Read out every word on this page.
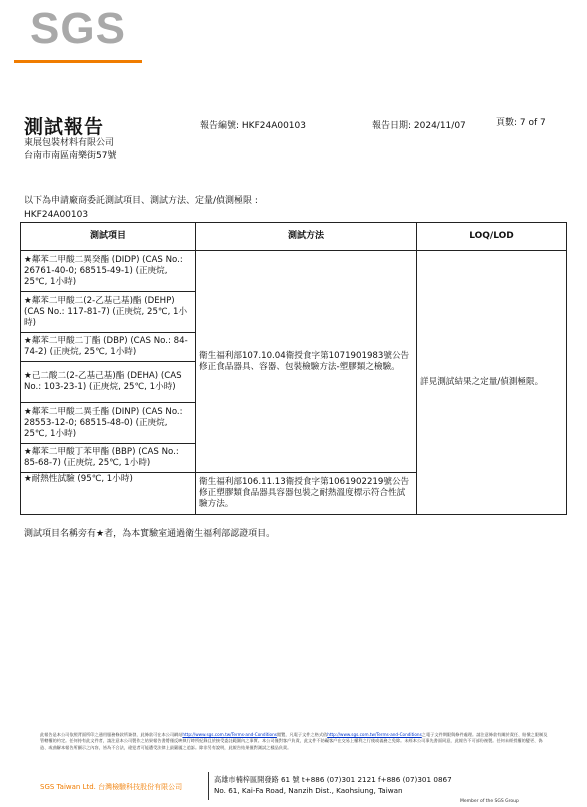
SGS
測試報告
東展包裝材料有限公司
台南市南區南樂街57號
報告編號: HKF24A00103	報告日期: 2024/11/07	頁數: 7 of 7
以下為申請廠商委託測試項目、測試方法、定量/偵測極限 :
HKF24A00103
測試項目	測試方法	LOQ/LOD
★鄰苯二甲酸二異癸酯 (DIDP) (CAS No.: 26761-40-0; 68515-49-1) (正庚烷, 25℃, 1小時)	衛生福利部107.10.04衛授食字第1071901983號公告修正食品器具、容器、包裝檢驗方法-塑膠類之檢驗。	詳見測試結果之定量/偵測極限。
★鄰苯二甲酸二(2-乙基己基)酯 (DEHP) (CAS No.: 117-81-7) (正庚烷, 25℃, 1小時)		
★鄰苯二甲酸二丁酯 (DBP) (CAS No.: 84-74-2) (正庚烷, 25℃, 1小時)		
★己二酸二(2-乙基己基)酯 (DEHA) (CAS No.: 103-23-1) (正庚烷, 25℃, 1小時)		
★鄰苯二甲酸二異壬酯 (DINP) (CAS No.: 28553-12-0; 68515-48-0) (正庚烷, 25℃, 1小時)		
★鄰苯二甲酸丁苯甲酯 (BBP) (CAS No.: 85-68-7) (正庚烷, 25℃, 1小時)		
★耐熱性試驗 (95℃, 1小時)	衛生福利部106.11.13衛授食字第1061902219號公告修正塑膠類食品器具容器包裝之耐熱溫度標示符合性試驗方法。	
測試項目名稱旁有★者，為本實驗室通過衛生福利部認證項目。
此報告是本公司依照背面所印之通用服務條款所簽發，此條款可在本公司網站http://www.sgs.com.tw/Terms-and-Conditions閱覽，凡電子文件之格式依http://www.sgs.com.tw/Terms-and-Conditions之電子文件期限與條件處理。請注意條款有關於責任、賠償之限制及管轄權的約定。任何持有此文件者，請注意本公司製作之結果報告書將僅反映執行時所紀錄且於接受委託範圍內之事實。本公司僅對客戶負責，此文件不妨礙客戶在交易上權利之行使或義務之免除。未經本公司事先書面同意，此報告不可部份複製。任何未經授權的變更、偽造、或曲解本報告所顯示之內容，皆為不合法，違犯者可能遭受法律上最嚴厲之追訴。除非另有說明，此報告結果僅對測試之樣品負責。
SGS Taiwan Ltd. 台灣檢驗科技股份有限公司
高雄市楠梓區開發路 61 號 t+886 (07)301 2121 f+886 (07)301 0867
No. 61, Kai-Fa Road, Nanzih Dist., Kaohsiung, Taiwan
Member of the SGS Group
